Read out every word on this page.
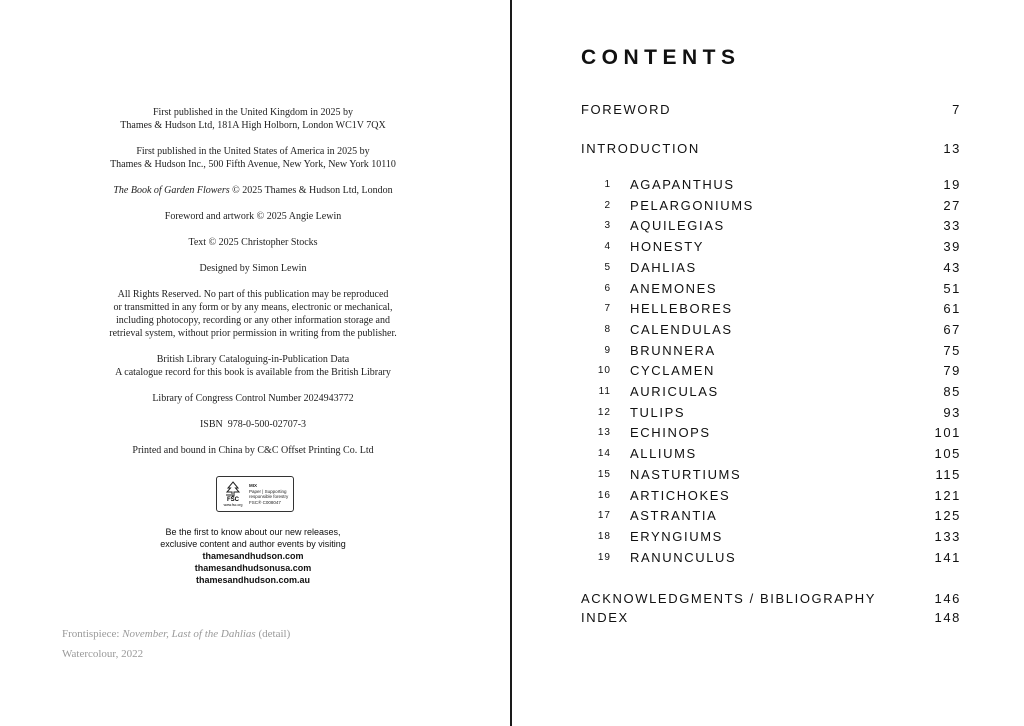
First published in the United Kingdom in 2025 by
Thames & Hudson Ltd, 181A High Holborn, London WC1V 7QX

First published in the United States of America in 2025 by
Thames & Hudson Inc., 500 Fifth Avenue, New York, New York 10110

The Book of Garden Flowers © 2025 Thames & Hudson Ltd, London

Foreword and artwork © 2025 Angie Lewin

Text © 2025 Christopher Stocks

Designed by Simon Lewin

All Rights Reserved. No part of this publication may be reproduced
or transmitted in any form or by any means, electronic or mechanical,
including photocopy, recording or any other information storage and
retrieval system, without prior permission in writing from the publisher.

British Library Cataloguing-in-Publication Data
A catalogue record for this book is available from the British Library

Library of Congress Control Number 2024943772

ISBN  978-0-500-02707-3

Printed and bound in China by C&C Offset Printing Co. Ltd

FSC
www.fsc.org
MIX
Paper | Supporting
responsible forestry
FSC® C008047
Be the first to know about our new releases,
exclusive content and author events by visiting
thamesandhudson.com
thamesandhudsonusa.com
thamesandhudson.com.au
Frontispiece: November, Last of the Dahlias (detail)
Watercolour, 2022
CONTENTS
FOREWORD	7
INTRODUCTION	13
1 AGAPANTHUS	19
2 PELARGONIUMS	27
3 AQUILEGIAS	33
4 HONESTY	39
5 DAHLIAS	43
6 ANEMONES	51
7 HELLEBORES	61
8 CALENDULAS	67
9 BRUNNERA	75
10 CYCLAMEN	79
11 AURICULAS	85
12 TULIPS	93
13 ECHINOPS	101
14 ALLIUMS	105
15 NASTURTIUMS	115
16 ARTICHOKES	121
17 ASTRANTIA	125
18 ERYNGIUMS	133
19 RANUNCULUS	141
ACKNOWLEDGMENTS / BIBLIOGRAPHY	146
INDEX	148
